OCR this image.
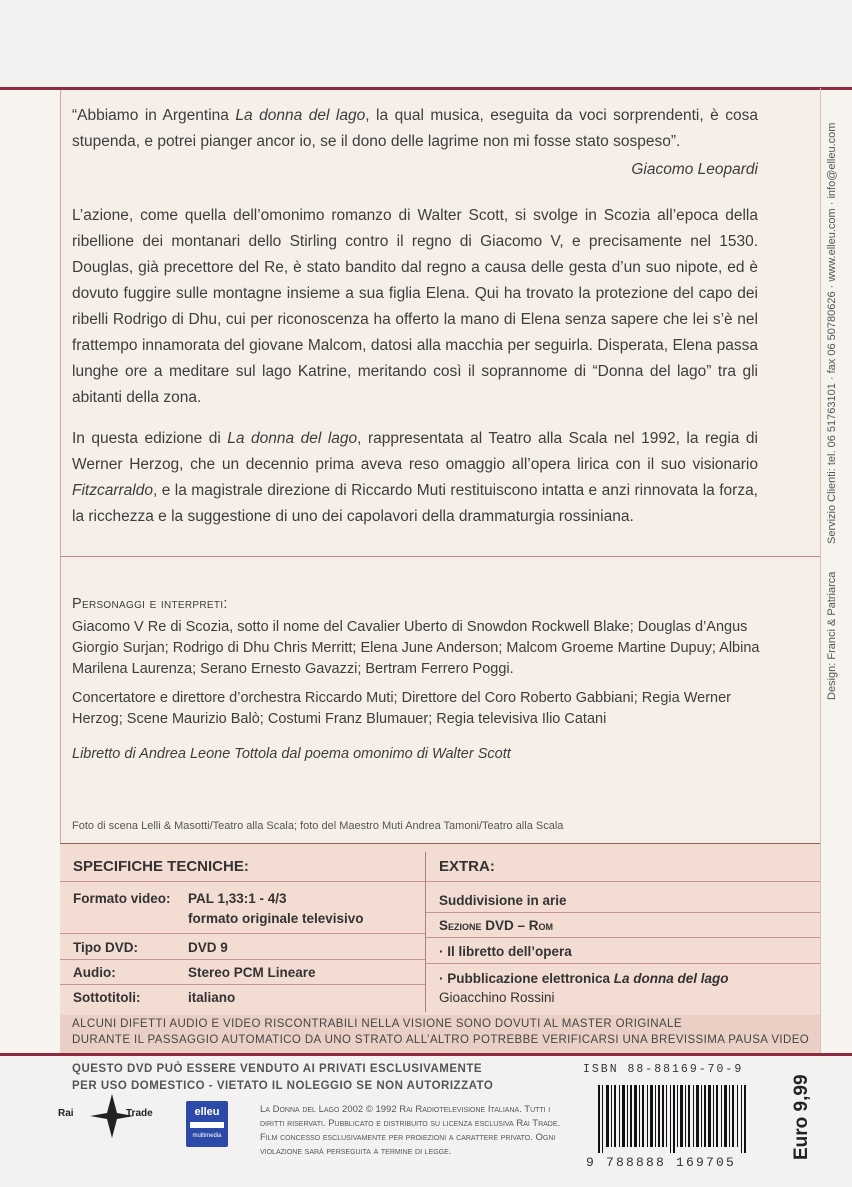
Servizio Clienti: tel. 06 51763101 · fax 06 50780626 · www.elleu.com · info@elleu.com
Design: Franci & Patriarca

“Abbiamo in Argentina La donna del lago, la qual musica, eseguita da voci sorprendenti, è cosa stupenda, e potrei pianger ancor io, se il dono delle lagrime non mi fosse stato sospeso”.

Giacomo Leopardi

L’azione, come quella dell’omonimo romanzo di Walter Scott, si svolge in Scozia all’epoca della ribellione dei montanari dello Stirling contro il regno di Giacomo V, e precisamente nel 1530. Douglas, già precettore del Re, è stato bandito dal regno a causa delle gesta d’un suo nipote, ed è dovuto fuggire sulle montagne insieme a sua figlia Elena. Qui ha trovato la protezione del capo dei ribelli Rodrigo di Dhu, cui per riconoscenza ha offerto la mano di Elena senza sapere che lei s’è nel frattempo innamorata del giovane Malcom, datosi alla macchia per seguirla. Disperata, Elena passa lunghe ore a meditare sul lago Katrine, meritando così il soprannome di “Donna del lago” tra gli abitanti della zona.

In questa edizione di La donna del lago, rappresentata al Teatro alla Scala nel 1992, la regia di Werner Herzog, che un decennio prima aveva reso omaggio all’opera lirica con il suo visionario Fitzcarraldo, e la magistrale direzione di Riccardo Muti restituiscono intatta e anzi rinnovata la forza, la ricchezza e la suggestione di uno dei capolavori della drammaturgia rossiniana.

Personaggi e interpreti:

Giacomo V Re di Scozia, sotto il nome del Cavalier Uberto di Snowdon Rockwell Blake; Douglas d’Angus Giorgio Surjan; Rodrigo di Dhu Chris Merritt; Elena June Anderson; Malcom Groeme Martine Dupuy; Albina Marilena Laurenza; Serano Ernesto Gavazzi; Bertram Ferrero Poggi.

Concertatore e direttore d’orchestra Riccardo Muti; Direttore del Coro Roberto Gabbiani; Regia Werner Herzog; Scene Maurizio Balò; Costumi Franz Blumauer; Regia televisiva Ilio Catani

Libretto di Andrea Leone Tottola dal poema omonimo di Walter Scott

Foto di scena Lelli & Masotti/Teatro alla Scala; foto del Maestro Muti Andrea Tamoni/Teatro alla Scala
SPECIFICHE TECNICHE:	EXTRA:
Formato video: PAL 1,33:1 - 4/3
formato originale televisivo
Tipo DVD:	DVD 9
Audio:	Stereo PCM Lineare
Sottotitoli:	italiano
Suddivisione in arie
Sezione DVD – Rom
· Il libretto dell’opera
· Pubblicazione elettronica La donna del lago
Gioacchino Rossini
ALCUNI DIFETTI AUDIO E VIDEO RISCONTRABILI NELLA VISIONE SONO DOVUTI AL MASTER ORIGINALE
DURANTE IL PASSAGGIO AUTOMATICO DA UNO STRATO ALL’ALTRO POTREBBE VERIFICARSI UNA BREVISSIMA PAUSA VIDEO
QUESTO DVD PUÒ ESSERE VENDUTO AI PRIVATI ESCLUSIVAMENTE
PER USO DOMESTICO - VIETATO IL NOLEGGIO SE NON AUTORIZZATO
Rai	Trade	elleu
multimedia
La Donna del Lago 2002 © 1992 Rai Radiotelevisione Italiana. Tutti i diritti riservati. Pubblicato e distribuito su licenza esclusiva Rai Trade. Film concesso esclusivamente per proiezioni a carattere privato. Ogni violazione sarà perseguita a termine di legge.
ISBN 88-88169-70-9
9 788888 169705
Euro 9,99
